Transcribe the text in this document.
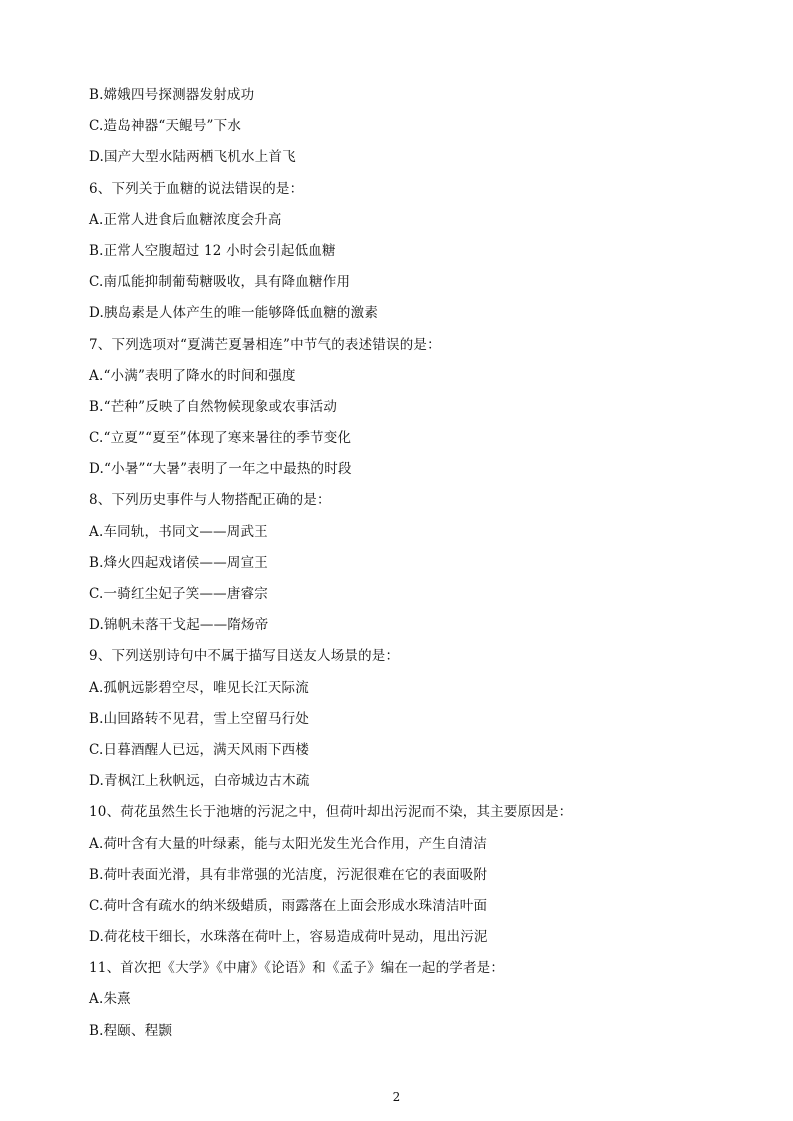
B.嫦娥四号探测器发射成功
C.造岛神器“天鲲号”下水
D.国产大型水陆两栖飞机水上首飞
6、下列关于血糖的说法错误的是：
A.正常人进食后血糖浓度会升高
B.正常人空腹超过 12 小时会引起低血糖
C.南瓜能抑制葡萄糖吸收，具有降血糖作用
D.胰岛素是人体产生的唯一能够降低血糖的激素
7、下列选项对“夏满芒夏暑相连”中节气的表述错误的是：
A.“小满”表明了降水的时间和强度
B.“芒种”反映了自然物候现象或农事活动
C.“立夏”“夏至”体现了寒来暑往的季节变化
D.“小暑”“大暑”表明了一年之中最热的时段
8、下列历史事件与人物搭配正确的是：
A.车同轨，书同文——周武王
B.烽火四起戏诸侯——周宣王
C.一骑红尘妃子笑——唐睿宗
D.锦帆未落干戈起——隋炀帝
9、下列送别诗句中不属于描写目送友人场景的是：
A.孤帆远影碧空尽，唯见长江天际流
B.山回路转不见君，雪上空留马行处
C.日暮酒醒人已远，满天风雨下西楼
D.青枫江上秋帆远，白帝城边古木疏
10、荷花虽然生长于池塘的污泥之中，但荷叶却出污泥而不染，其主要原因是：
A.荷叶含有大量的叶绿素，能与太阳光发生光合作用，产生自清洁
B.荷叶表面光滑，具有非常强的光洁度，污泥很难在它的表面吸附
C.荷叶含有疏水的纳米级蜡质，雨露落在上面会形成水珠清洁叶面
D.荷花枝干细长，水珠落在荷叶上，容易造成荷叶晃动，甩出污泥
11、首次把《大学》《中庸》《论语》和《孟子》编在一起的学者是：
A.朱熹
B.程颐、程颢
2
